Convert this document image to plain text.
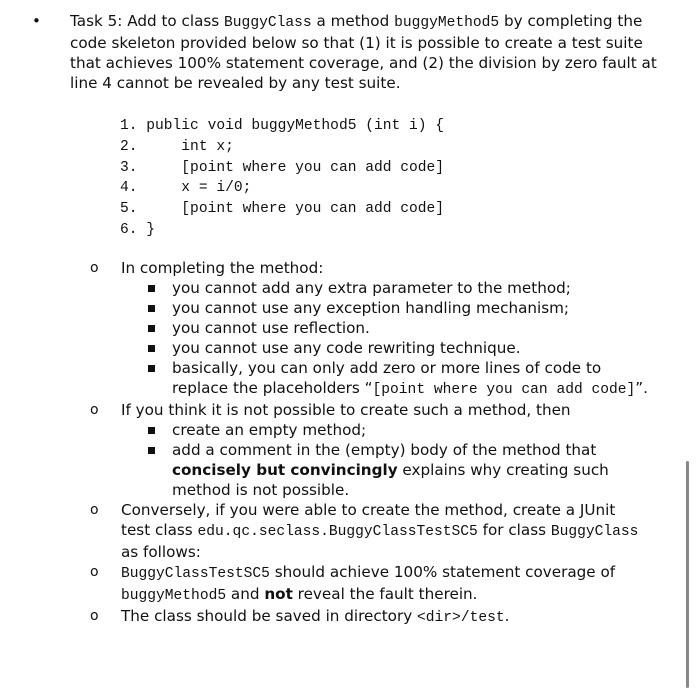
• Task 5: Add to class BuggyClass a method buggyMethod5 by completing the code skeleton provided below so that (1) it is possible to create a test suite that achieves 100% statement coverage, and (2) the division by zero fault at line 4 cannot be revealed by any test suite.
1. public void buggyMethod5 (int i) {
2.     int x;
3.     [point where you can add code]
4.     x = i/0;
5.     [point where you can add code]
6. }
o In completing the method:
you cannot add any extra parameter to the method;
you cannot use any exception handling mechanism;
you cannot use reflection.
you cannot use any code rewriting technique.
basically, you can only add zero or more lines of code to replace the placeholders “[point where you can add code]”.
o If you think it is not possible to create such a method, then
create an empty method;
add a comment in the (empty) body of the method that concisely but convincingly explains why creating such method is not possible.
o Conversely, if you were able to create the method, create a JUnit test class edu.qc.seclass.BuggyClassTestSC5 for class BuggyClass as follows:
o BuggyClassTestSC5 should achieve 100% statement coverage of buggyMethod5 and not reveal the fault therein.
o The class should be saved in directory <dir>/test.
